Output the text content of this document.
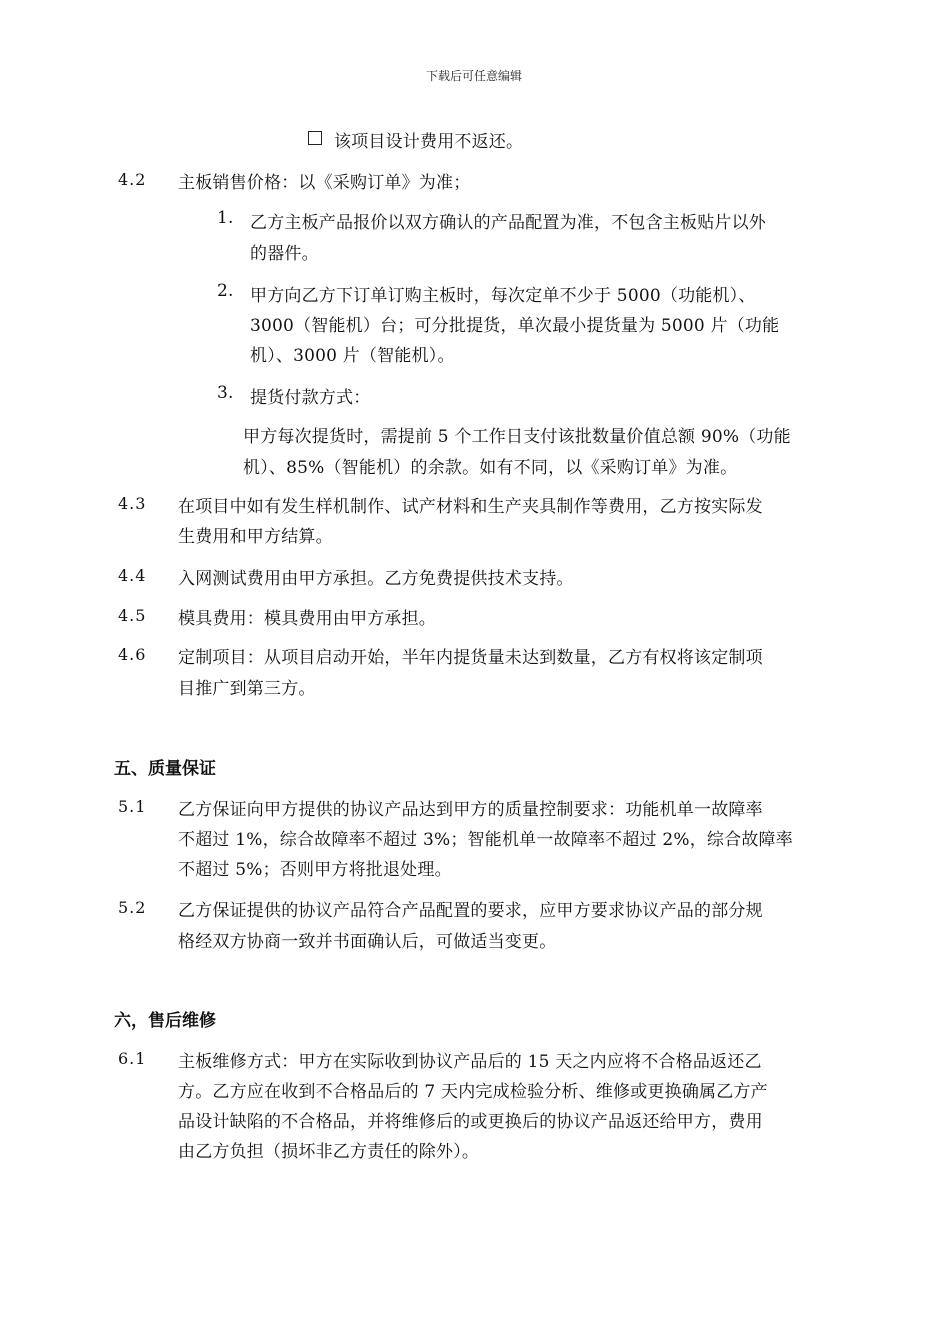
下载后可任意编辑
该项目设计费用不返还。
4.2 主板销售价格：以《采购订单》为准；
1. 乙方主板产品报价以双方确认的产品配置为准，不包含主板贴片以外
的器件。
2. 甲方向乙方下订单订购主板时，每次定单不少于 5000（功能机）、
3000（智能机）台；可分批提货，单次最小提货量为 5000 片（功能
机）、3000 片（智能机）。
3. 提货付款方式：
甲方每次提货时，需提前 5 个工作日支付该批数量价值总额 90%（功能
机）、85%（智能机）的余款。如有不同，以《采购订单》为准。
4.3 在项目中如有发生样机制作、试产材料和生产夹具制作等费用，乙方按实际发
生费用和甲方结算。
4.4 入网测试费用由甲方承担。乙方免费提供技术支持。
4.5 模具费用：模具费用由甲方承担。
4.6 定制项目：从项目启动开始，半年内提货量未达到数量，乙方有权将该定制项
目推广到第三方。
五、质量保证
5.1 乙方保证向甲方提供的协议产品达到甲方的质量控制要求：功能机单一故障率
不超过 1%，综合故障率不超过 3%；智能机单一故障率不超过 2%，综合故障率
不超过 5%；否则甲方将批退处理。
5.2 乙方保证提供的协议产品符合产品配置的要求，应甲方要求协议产品的部分规
格经双方协商一致并书面确认后，可做适当变更。
六，售后维修
6.1 主板维修方式：甲方在实际收到协议产品后的 15 天之内应将不合格品返还乙
方。乙方应在收到不合格品后的 7 天内完成检验分析、维修或更换确属乙方产
品设计缺陷的不合格品，并将维修后的或更换后的协议产品返还给甲方，费用
由乙方负担（损坏非乙方责任的除外）。
